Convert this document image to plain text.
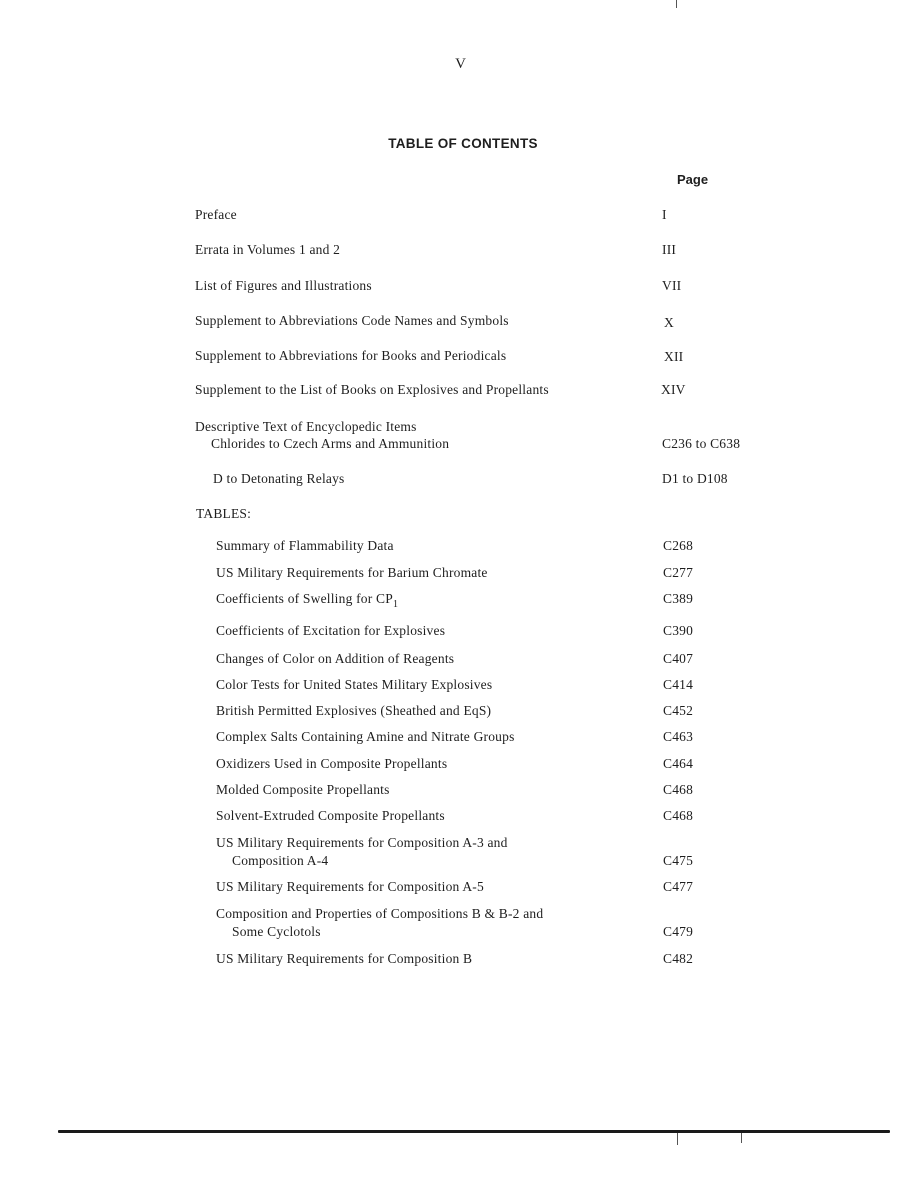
V
TABLE OF CONTENTS
Page
Preface	I
Errata in Volumes 1 and 2	III
List of Figures and Illustrations	VII
Supplement to Abbreviations Code Names and Symbols	X
Supplement to Abbreviations for Books and Periodicals	XII
Supplement to the List of Books on Explosives and Propellants	XIV
Descriptive Text of Encyclopedic Items
Chlorides to Czech Arms and Ammunition	C236 to C638
D to Detonating Relays	D1 to D108
TABLES:
Summary of Flammability Data	C268
US Military Requirements for Barium Chromate	C277
Coefficients of Swelling for $CP_1$	C389
Coefficients of Excitation for Explosives	C390
Changes of Color on Addition of Reagents	C407
Color Tests for United States Military Explosives	C414
British Permitted Explosives (Sheathed and EqS)	C452
Complex Salts Containing Amine and Nitrate Groups	C463
Oxidizers Used in Composite Propellants	C464
Molded Composite Propellants	C468
Solvent-Extruded Composite Propellants	C468
US Military Requirements for Composition A-3 and
Composition A-4	C475
US Military Requirements for Composition A-5	C477
Composition and Properties of Compositions B & B-2 and
Some Cyclotols	C479
US Military Requirements for Composition B	C482
